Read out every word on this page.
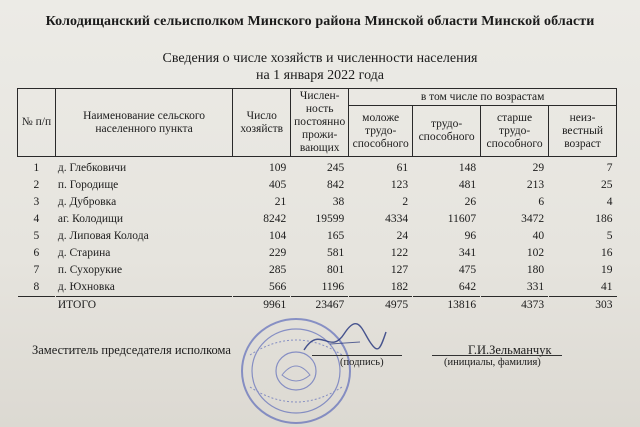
Колодищанский сельисполком Минского района Минской области Минской области
Сведения о числе хозяйств и численности населения
на 1 января 2022 года
№ п/п	Наименование сельского населенного пункта	Число хозяйств	Числен-ность постоянно прожи-вающих	в том числе по возрастам			
				моложе трудо-способного	трудо-способного	старше трудо-способного	неиз-вестный возраст

1	д. Глебковичи	109	245	61	148	29	7
2	п. Городище	405	842	123	481	213	25
3	д. Дубровка	21	38	2	26	6	4
4	аг. Колодищи	8242	19599	4334	11607	3472	186
5	д. Липовая Колода	104	165	24	96	40	5
6	д. Старина	229	581	122	341	102	16
7	п. Сухорукие	285	801	127	475	180	19
8	д. Юхновка	566	1196	182	642	331	41
	ИТОГО	9961	23467	4975	13816	4373	303
Заместитель председателя исполкома
(подпись)
Г.И.Зельманчук
(инициалы, фамилия)
